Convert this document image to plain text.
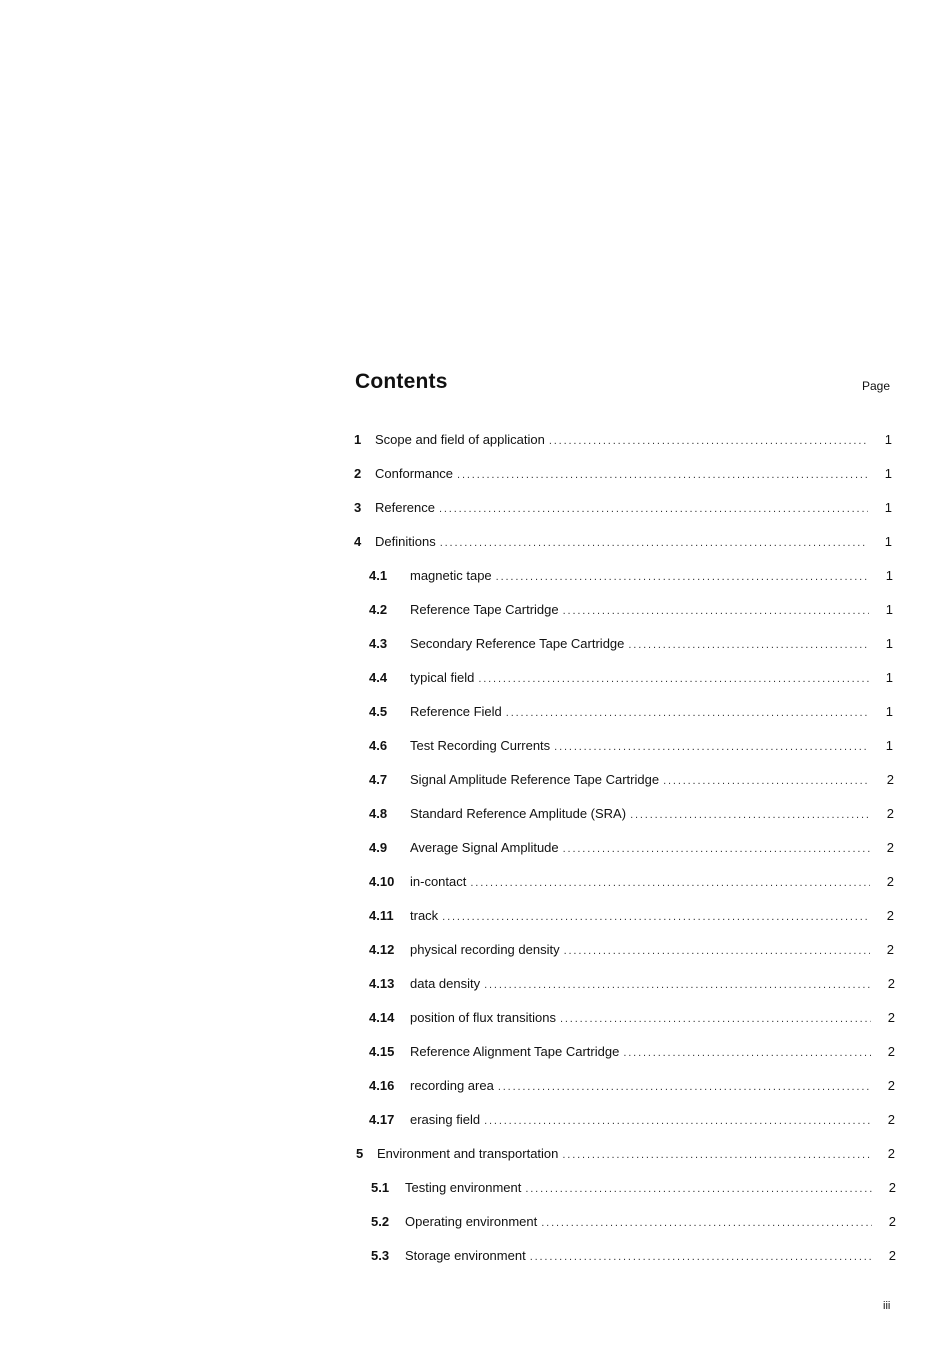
Contents	Page
1	Scope and field of application . . .	1
2	Conformance . . .	1
3	Reference . . .	1
4	Definitions . . .	1
4.1	magnetic tape . . .	1
4.2	Reference Tape Cartridge . . .	1
4.3	Secondary Reference Tape Cartridge . . .	1
4.4	typical field . . .	1
4.5	Reference Field . . .	1
4.6	Test Recording Currents . . .	1
4.7	Signal Amplitude Reference Tape Cartridge . . .	2
4.8	Standard Reference Amplitude (SRA) . . .	2
4.9	Average Signal Amplitude . . .	2
4.10	in-contact . . .	2
4.11	track . . .	2
4.12	physical recording density . . .	2
4.13	data density . . .	2
4.14	position of flux transitions . . .	2
4.15	Reference Alignment Tape Cartridge . . .	2
4.16	recording area . . .	2
4.17	erasing field . . .	2
5	Environment and transportation . . .	2
5.1	Testing environment . . .	2
5.2	Operating environment . . .	2
5.3	Storage environment . . .	2
iii
